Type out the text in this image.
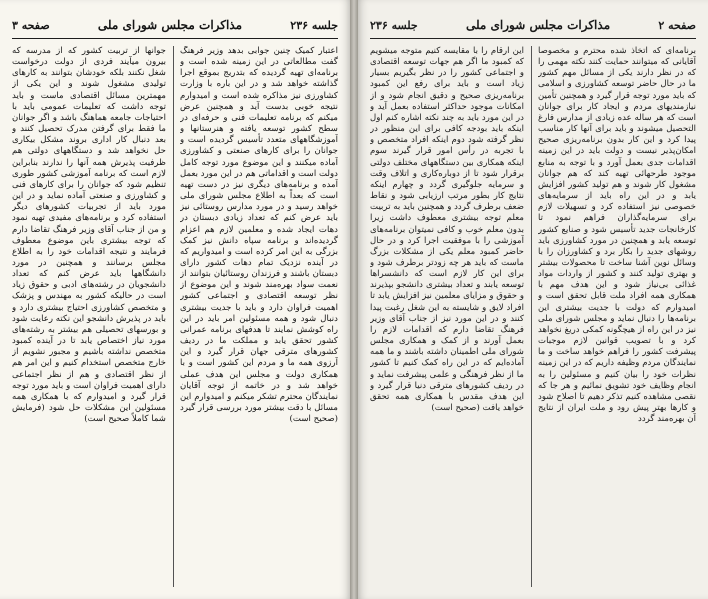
جلسه ۲۳۶
مذاکرات مجلس شورای ملی
صفحه ۳

اعتبار کمیک چنین جوابی بدهد وزیر فرهنگ گفت مطالعاتی در این زمینه شده است و برنامه‌ای تهیه گردیده که بتدریج بموقع اجرا گذاشته خواهد شد و در این باره با وزارت کشاورزی نیز مذاکره شده است و امیدوارم نتیجه خوبی بدست آید و همچنین عرض میکنم که برنامه تعلیمات فنی و حرفه‌ای در سطح کشور توسعه یافته و هنرستانها و آموزشگاههای متعدد تأسیس گردیده است و جوانان را برای کارهای صنعتی و کشاورزی آماده میکنند و این موضوع مورد توجه کامل دولت است و اقداماتی هم در این مورد بعمل آمده و برنامه‌های دیگری نیز در دست تهیه است که بعداً به اطلاع مجلس شورای ملی خواهد رسید و در مورد مدارس روستائی نیز باید عرض کنم که تعداد زیادی دبستان در دهات ایجاد شده و معلمین لازم هم اعزام گردیده‌اند و برنامه سپاه دانش نیز کمک بزرگی به این امر کرده است و امیدواریم که در آینده نزدیک تمام دهات کشور دارای دبستان باشند و فرزندان روستائیان بتوانند از نعمت سواد بهره‌مند شوند و این موضوع از نظر توسعه اقتصادی و اجتماعی کشور اهمیت فراوان دارد و باید با جدیت بیشتری دنبال شود و همه مسئولین امر باید در این راه کوشش نمایند تا هدفهای برنامه عمرانی کشور تحقق یابد و مملکت ما در ردیف کشورهای مترقی جهان قرار گیرد و این آرزوی همه ما و مردم این کشور است و با همکاری دولت و مجلس این هدف عملی خواهد شد و در خاتمه از توجه آقایان نمایندگان محترم تشکر میکنم و امیدوارم این مسائل با دقت بیشتر مورد بررسی قرار گیرد (صحیح است)

جوانها از تربیت کشور که از مدرسه که بیرون میآیند فردی از دولت درخواست شغل نکنند بلکه خودشان بتوانند به کارهای تولیدی مشغول شوند و این یکی از مهمترین مسائل اقتصادی ماست و باید توجه داشت که تعلیمات عمومی باید با احتیاجات جامعه هماهنگ باشد و اگر جوانان ما فقط برای گرفتن مدرک تحصیل کنند و بعد دنبال کار اداری بروند مشکل بیکاری حل نخواهد شد و دستگاههای دولتی هم ظرفیت پذیرش همه آنها را ندارند بنابراین لازم است که برنامه آموزشی کشور طوری تنظیم شود که جوانان را برای کارهای فنی و کشاورزی و صنعتی آماده نماید و در این مورد باید از تجربیات کشورهای دیگر استفاده کرد و برنامه‌های مفیدی تهیه نمود و من از جناب آقای وزیر فرهنگ تقاضا دارم که توجه بیشتری باین موضوع معطوف فرمایند و نتیجه اقدامات خود را به اطلاع مجلس برسانند و همچنین در مورد دانشگاهها باید عرض کنم که تعداد دانشجویان در رشته‌های ادبی و حقوق زیاد است در حالیکه کشور به مهندس و پزشک و متخصص کشاورزی احتیاج بیشتری دارد و باید در پذیرش دانشجو این نکته رعایت شود و بورسهای تحصیلی هم بیشتر به رشته‌های مورد نیاز اختصاص یابد تا در آینده کمبود متخصص نداشته باشیم و مجبور نشویم از خارج متخصص استخدام کنیم و این امر هم از نظر اقتصادی و هم از نظر اجتماعی دارای اهمیت فراوان است و باید مورد توجه قرار گیرد و امیدوارم که با همکاری همه مسئولین این مشکلات حل شود (فرمایش شما کاملاً صحیح است)

صفحه ۲
مذاکرات مجلس شورای ملی
جلسه ۲۳۶

برنامه‌ای که اتخاذ شده محترم و مخصوصاً آقایانی که میتوانند حمایت کنند نکته مهمی را که در نظر دارند یکی از مسائل مهم کشور ما در حال حاضر توسعه کشاورزی و اسلامی که باید مورد توجه قرار گیرد و همچنین تأمین نیازمندیهای مردم و ایجاد کار برای جوانان است که هر ساله عده زیادی از مدارس فارغ التحصیل میشوند و باید برای آنها کار مناسب پیدا کرد و این کار بدون برنامه‌ریزی صحیح امکان‌پذیر نیست و دولت باید در این زمینه اقدامات جدی بعمل آورد و با توجه به منابع موجود طرحهائی تهیه کند که هم جوانان مشغول کار شوند و هم تولید کشور افزایش یابد و در این راه باید از سرمایه‌های خصوصی نیز استفاده کرد و تسهیلات لازم برای سرمایه‌گذاران فراهم نمود تا کارخانجات جدید تأسیس شود و صنایع کشور توسعه یابد و همچنین در مورد کشاورزی باید روشهای جدید را بکار برد و کشاورزان را با وسائل نوین آشنا ساخت تا محصولات بیشتر و بهتری تولید کنند و کشور از واردات مواد غذائی بی‌نیاز شود و این هدف مهم با همکاری همه افراد ملت قابل تحقق است و امیدوارم که دولت با جدیت بیشتری این برنامه‌ها را دنبال نماید و مجلس شورای ملی نیز در این راه از هیچگونه کمکی دریغ نخواهد کرد و با تصویب قوانین لازم موجبات پیشرفت کشور را فراهم خواهد ساخت و ما نمایندگان مردم وظیفه داریم که در این زمینه نظرات خود را بیان کنیم و مسئولین را به انجام وظایف خود تشویق نمائیم و هر جا که نقصی مشاهده کنیم تذکر دهیم تا اصلاح شود و کارها بهتر پیش رود و ملت ایران از نتایج آن بهره‌مند گردد

این ارقام را با مقایسه کنیم متوجه میشویم که کمبود ما اگر هم جهات توسعه اقتصادی و اجتماعی کشور را در نظر بگیریم بسیار زیاد است و باید برای رفع این کمبود برنامه‌ریزی صحیح و دقیق انجام شود و از امکانات موجود حداکثر استفاده بعمل آید و در این مورد باید به چند نکته اشاره کنم اول اینکه باید بودجه کافی برای این منظور در نظر گرفته شود دوم اینکه افراد متخصص و با تجربه در رأس امور قرار گیرند سوم اینکه همکاری بین دستگاههای مختلف دولتی برقرار شود تا از دوباره‌کاری و اتلاف وقت و سرمایه جلوگیری گردد و چهارم اینکه نتایج کار بطور مرتب ارزیابی شود و نقاط ضعف برطرف گردد و همچنین باید به تربیت معلم توجه بیشتری معطوف داشت زیرا بدون معلم خوب و کافی نمیتوان برنامه‌های آموزشی را با موفقیت اجرا کرد و در حال حاضر کمبود معلم یکی از مشکلات بزرگ ماست که باید هر چه زودتر برطرف شود و برای این کار لازم است که دانشسراها توسعه یابند و تعداد بیشتری دانشجو بپذیرند و حقوق و مزایای معلمین نیز افزایش یابد تا افراد لایق و شایسته به این شغل رغبت پیدا کنند و در این مورد نیز از جناب آقای وزیر فرهنگ تقاضا دارم که اقدامات لازم را بعمل آورند و از کمک و همکاری مجلس شورای ملی اطمینان داشته باشند و ما همه آماده‌ایم که در این راه کمک کنیم تا کشور ما از نظر فرهنگی و علمی پیشرفت نماید و در ردیف کشورهای مترقی دنیا قرار گیرد و این هدف مقدس با همکاری همه تحقق خواهد یافت (صحیح است)
